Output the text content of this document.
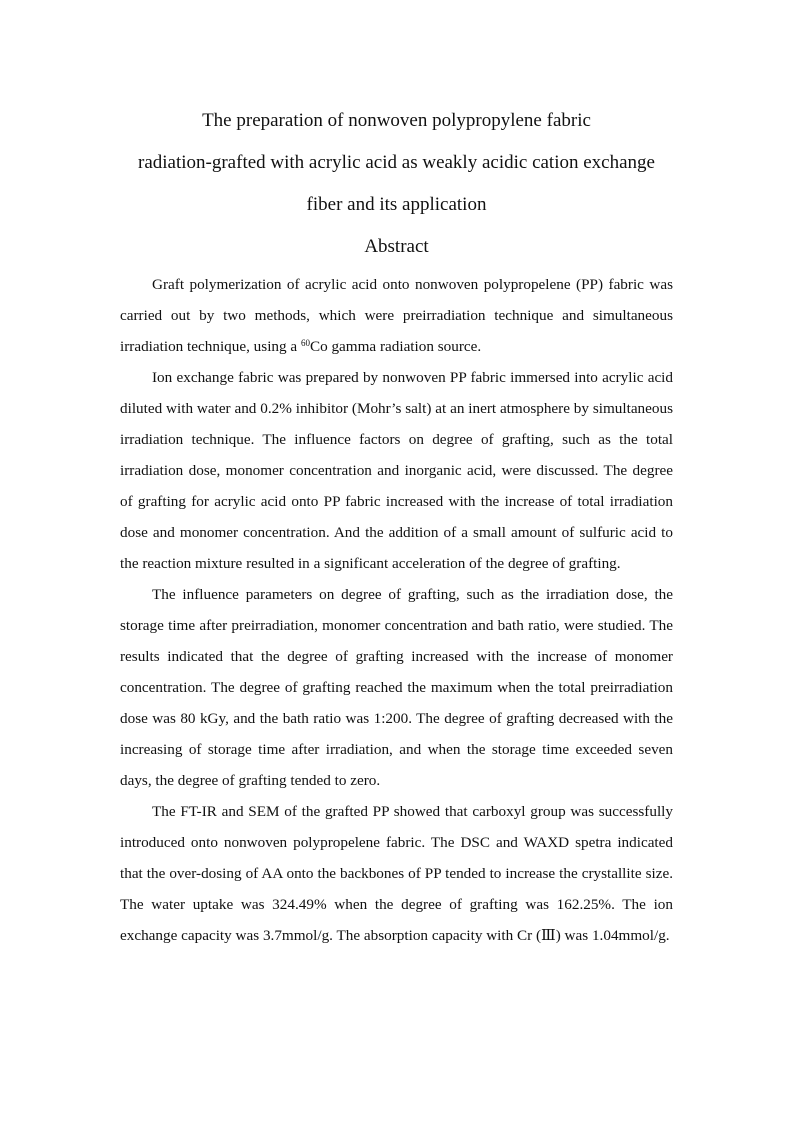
The preparation of nonwoven polypropylene fabric
radiation-grafted with acrylic acid as weakly acidic cation exchange
fiber and its application
Abstract

Graft polymerization of acrylic acid onto nonwoven polypropelene (PP) fabric was carried out by two methods, which were preirradiation technique and simultaneous irradiation technique, using a $^{60}$Co gamma radiation source.

Ion exchange fabric was prepared by nonwoven PP fabric immersed into acrylic acid diluted with water and 0.2% inhibitor (Mohr’s salt) at an inert atmosphere by simultaneous irradiation technique. The influence factors on degree of grafting, such as the total irradiation dose, monomer concentration and inorganic acid, were discussed. The degree of grafting for acrylic acid onto PP fabric increased with the increase of total irradiation dose and monomer concentration. And the addition of a small amount of sulfuric acid to the reaction mixture resulted in a significant acceleration of the degree of grafting.

The influence parameters on degree of grafting, such as the irradiation dose, the storage time after preirradiation, monomer concentration and bath ratio, were studied. The results indicated that the degree of grafting increased with the increase of monomer concentration. The degree of grafting reached the maximum when the total preirradiation dose was 80 kGy, and the bath ratio was 1:200. The degree of grafting decreased with the increasing of storage time after irradiation, and when the storage time exceeded seven days, the degree of grafting tended to zero.

The FT-IR and SEM of the grafted PP showed that carboxyl group was successfully introduced onto nonwoven polypropelene fabric. The DSC and WAXD spetra indicated that the over-dosing of AA onto the backbones of PP tended to increase the crystallite size. The water uptake was 324.49% when the degree of grafting was 162.25%. The ion exchange capacity was 3.7mmol/g. The absorption capacity with Cr (Ⅲ) was 1.04mmol/g.
